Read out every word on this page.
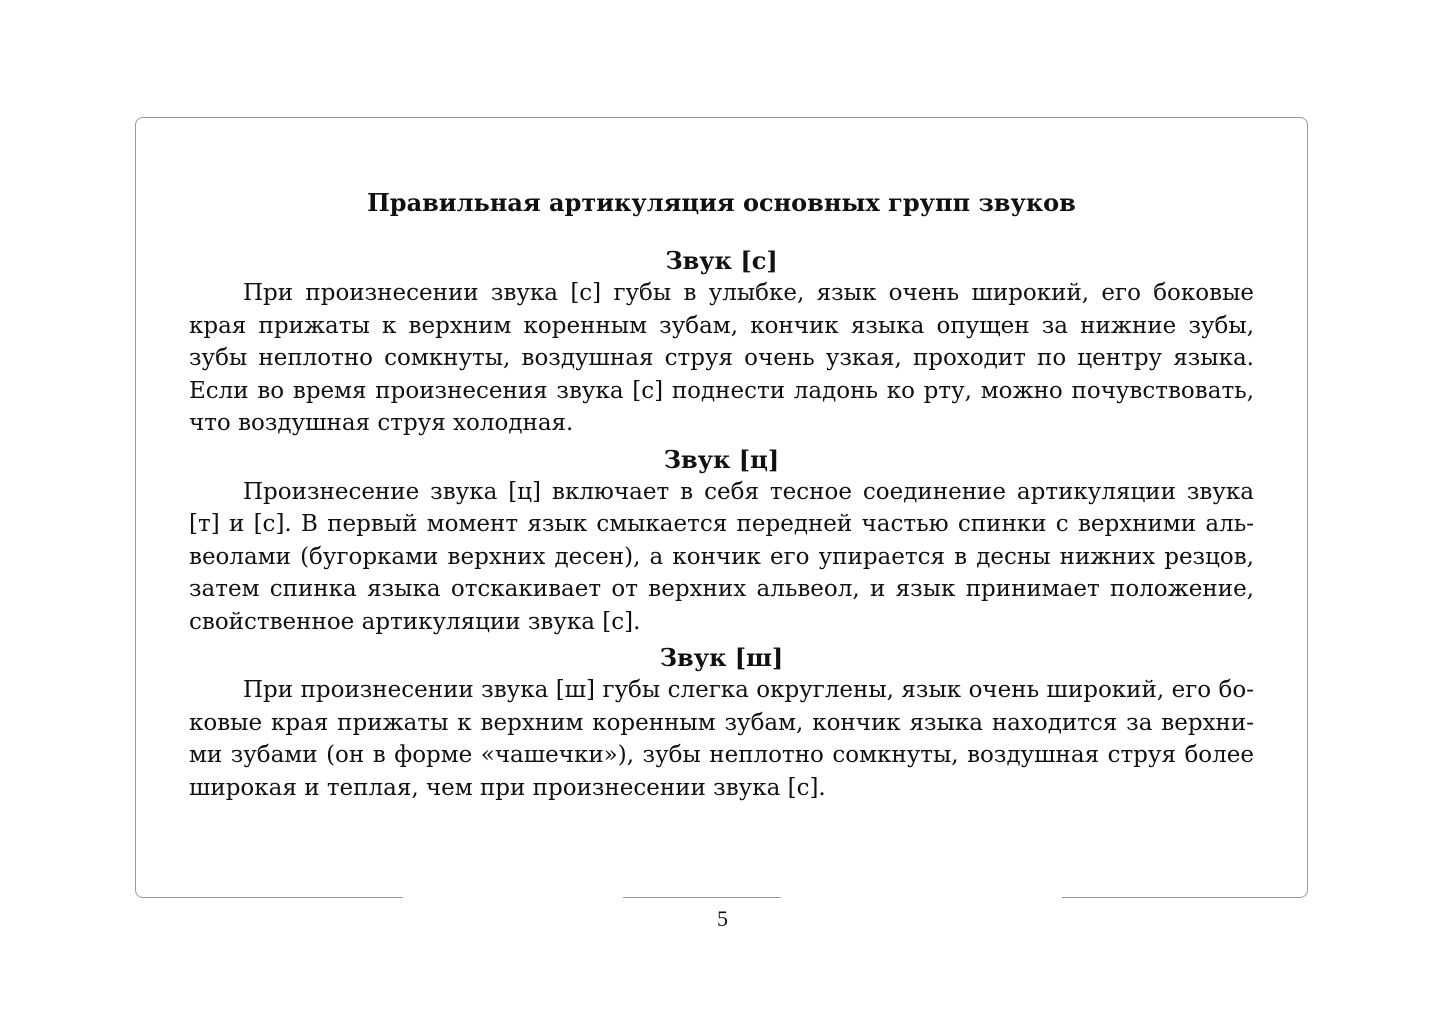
Правильная артикуляция основных групп звуков
Звук [с]

При произнесении звука [с] губы в улыбке, язык очень широкий, его боковые края прижаты к верхним коренным зубам, кончик языка опущен за нижние зубы, зубы неплотно сомкнуты, воздушная струя очень узкая, проходит по центру языка. Если во время произнесения звука [с] поднести ладонь ко рту, можно почувствовать, что воздушная струя холодная.

Звук [ц]

Произнесение звука [ц] включает в себя тесное соединение артикуляции звука [т] и [с]. В первый момент язык смыкается передней частью спинки с верхними альвеолами (бугорками верхних десен), а кончик его упирается в десны нижних резцов, затем спинка языка отскакивает от верхних альвеол, и язык принимает положение, свойственное артикуляции звука [с].

Звук [ш]

При произнесении звука [ш] губы слегка округлены, язык очень широкий, его боковые края прижаты к верхним коренным зубам, кончик языка находится за верхними зубами (он в форме «чашечки»), зубы неплотно сомкнуты, воздушная струя более широкая и теплая, чем при произнесении звука [с].

5
